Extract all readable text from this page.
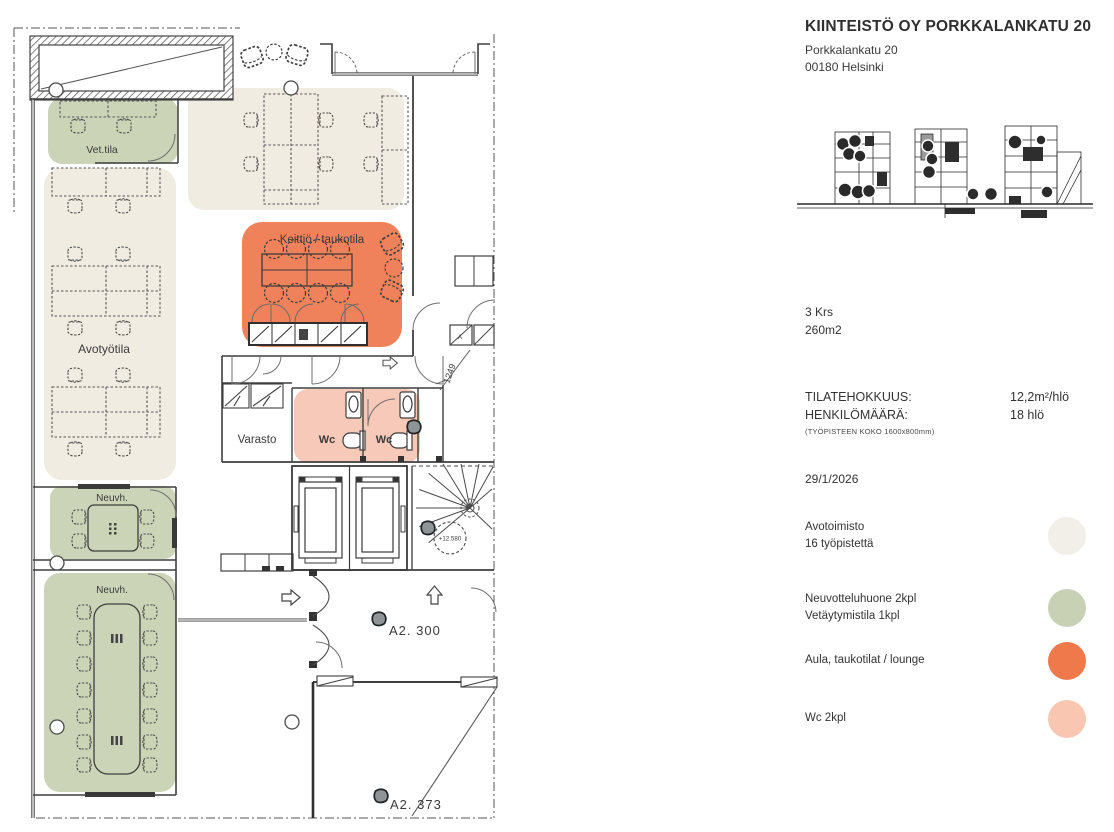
+12.580
1249
Vet.tila
Avotyötila
Keittiö / taukotila
Varasto	Wc	Wc
Neuvh.
Neuvh.
A2. 300
A2. 373
A
KIINTEISTÖ OY PORKKALANKATU 20
Porkkalankatu 20
00180 Helsinki
3 Krs
260m2
TILATEHOKKUUS:	12,2m²/hlö
HENKILÖMÄÄRÄ:	18 hlö
(TYÖPISTEEN KOKO 1600x800mm)
29/1/2026
Avotoimisto
16 työpistettä
Neuvotteluhuone 2kpl
Vetäytymistila 1kpl
Aula, taukotilat / lounge
Wc 2kpl
